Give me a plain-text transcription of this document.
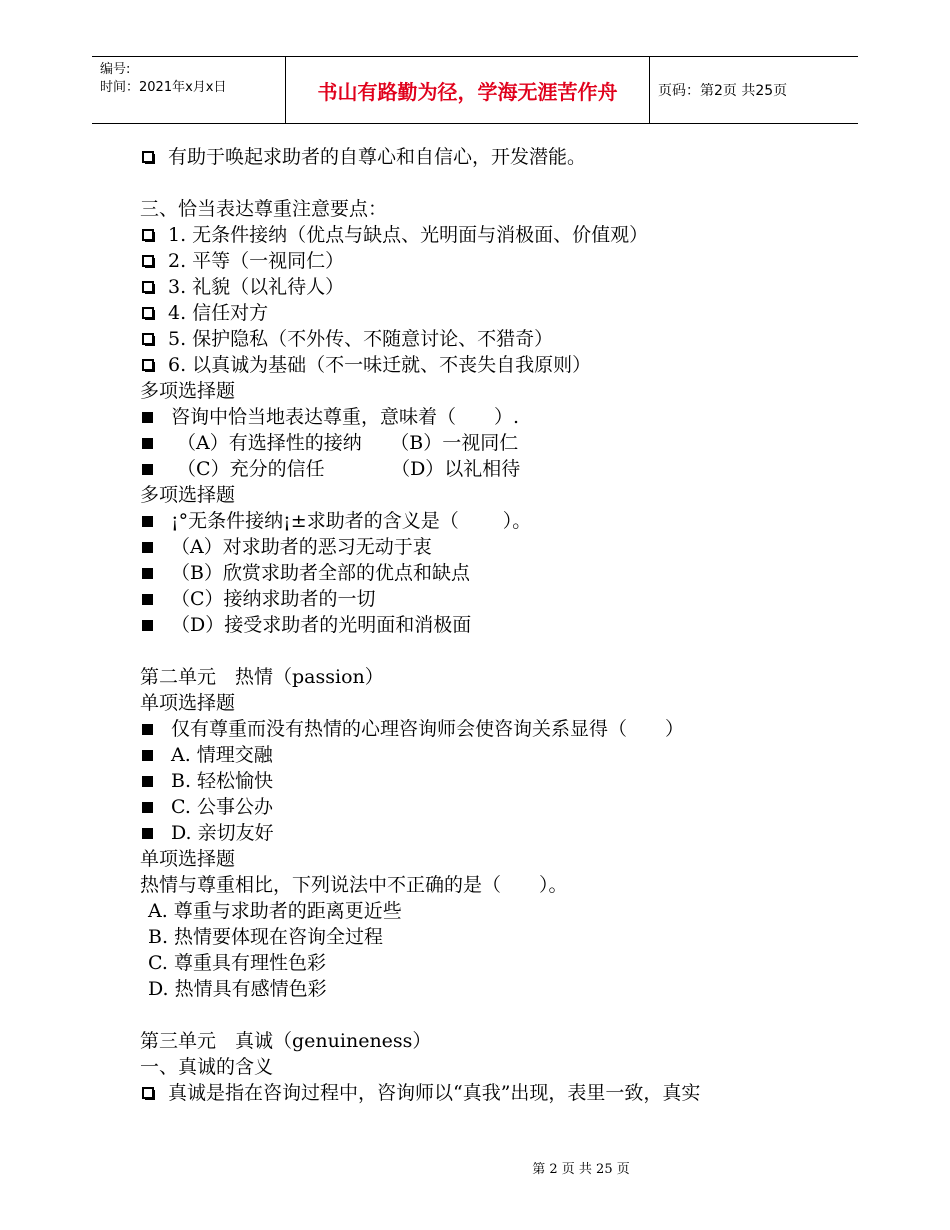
编号:
时间：2021年x月x日	书山有路勤为径，学海无涯苦作舟	页码：第2页 共25页
有助于唤起求助者的自尊心和自信心，开发潜能。
三、恰当表达尊重注意要点：
1. 无条件接纳（优点与缺点、光明面与消极面、价值观）
2. 平等（一视同仁）
3. 礼貌（以礼待人）
4. 信任对方
5. 保护隐私（不外传、不随意讨论、不猎奇）
6. 以真诚为基础（不一味迁就、不丧失自我原则）
多项选择题
咨询中恰当地表达尊重，意味着（　　）.
（A）有选择性的接纳　　（B）一视同仁
（C）充分的信任　　　　（D）以礼相待
多项选择题
¡°无条件接纳¡±求助者的含义是（　　 ）。
（A）对求助者的恶习无动于衷
（B）欣赏求助者全部的优点和缺点
（C）接纳求助者的一切
（D）接受求助者的光明面和消极面
第二单元　热情（passion）
单项选择题
仅有尊重而没有热情的心理咨询师会使咨询关系显得（　　）
A. 情理交融
B. 轻松愉快
C. 公事公办
D. 亲切友好
单项选择题
热情与尊重相比，下列说法中不正确的是（　　）。
A. 尊重与求助者的距离更近些
B. 热情要体现在咨询全过程
C. 尊重具有理性色彩
D. 热情具有感情色彩
第三单元　真诚（genuineness）
一、真诚的含义
真诚是指在咨询过程中，咨询师以“真我”出现，表里一致，真实
第 2 页 共 25 页
